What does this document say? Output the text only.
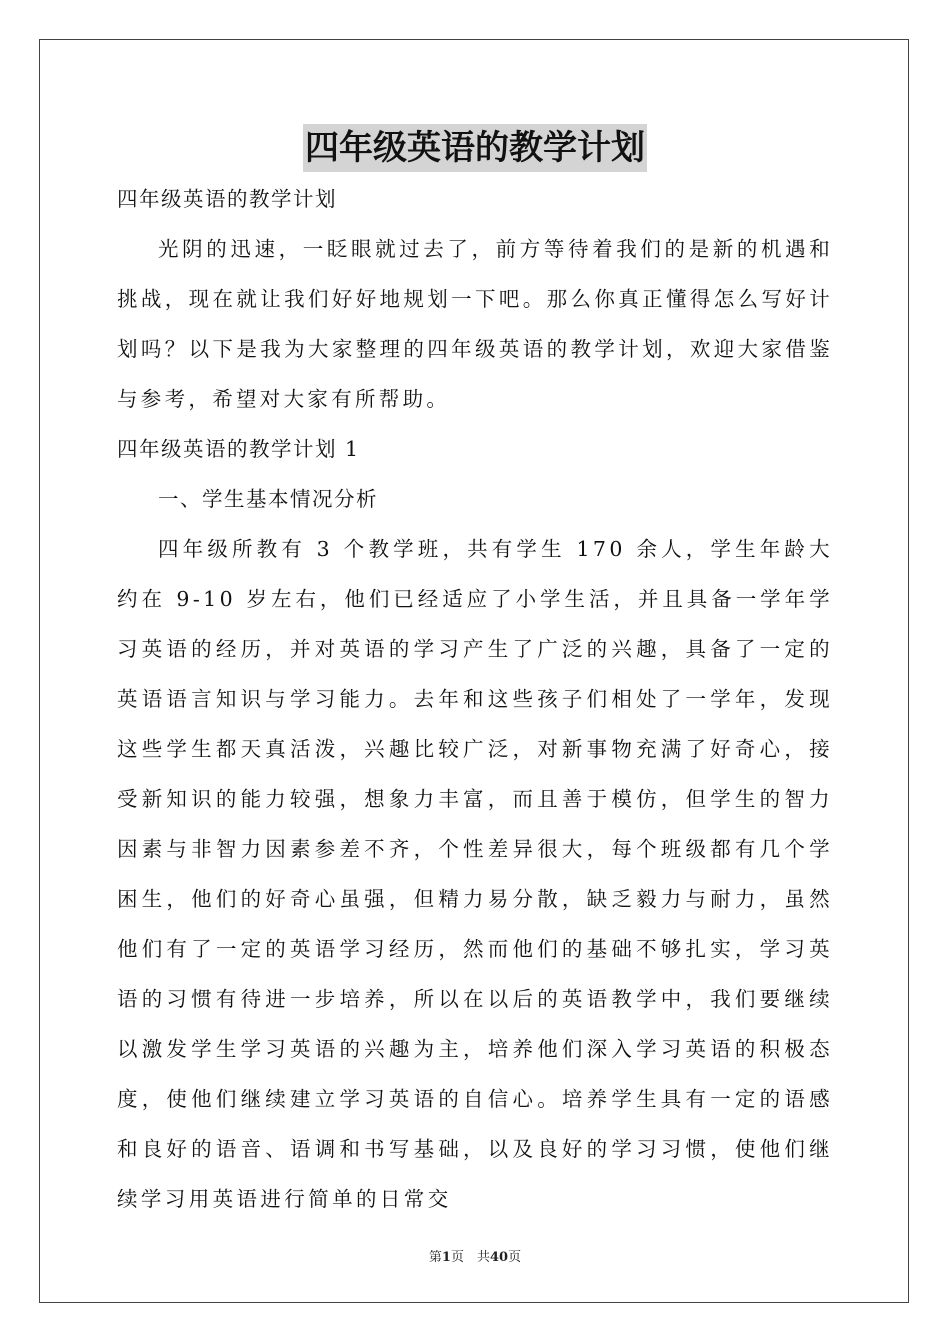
四年级英语的教学计划

四年级英语的教学计划

光阴的迅速，一眨眼就过去了，前方等待着我们的是新的机遇和挑战，现在就让我们好好地规划一下吧。那么你真正懂得怎么写好计划吗？以下是我为大家整理的四年级英语的教学计划，欢迎大家借鉴与参考，希望对大家有所帮助。

四年级英语的教学计划 1

一、学生基本情况分析

四年级所教有 3 个教学班，共有学生 170 余人，学生年龄大约在 9-10 岁左右，他们已经适应了小学生活，并且具备一学年学习英语的经历，并对英语的学习产生了广泛的兴趣，具备了一定的英语语言知识与学习能力。去年和这些孩子们相处了一学年，发现这些学生都天真活泼，兴趣比较广泛，对新事物充满了好奇心，接受新知识的能力较强，想象力丰富，而且善于模仿，但学生的智力因素与非智力因素参差不齐，个性差异很大，每个班级都有几个学困生，他们的好奇心虽强，但精力易分散，缺乏毅力与耐力，虽然他们有了一定的英语学习经历，然而他们的基础不够扎实，学习英语的习惯有待进一步培养，所以在以后的英语教学中，我们要继续以激发学生学习英语的兴趣为主，培养他们深入学习英语的积极态度，使他们继续建立学习英语的自信心。培养学生具有一定的语感和良好的语音、语调和书写基础，以及良好的学习习惯，使他们继续学习用英语进行简单的日常交

第1页　共40页
